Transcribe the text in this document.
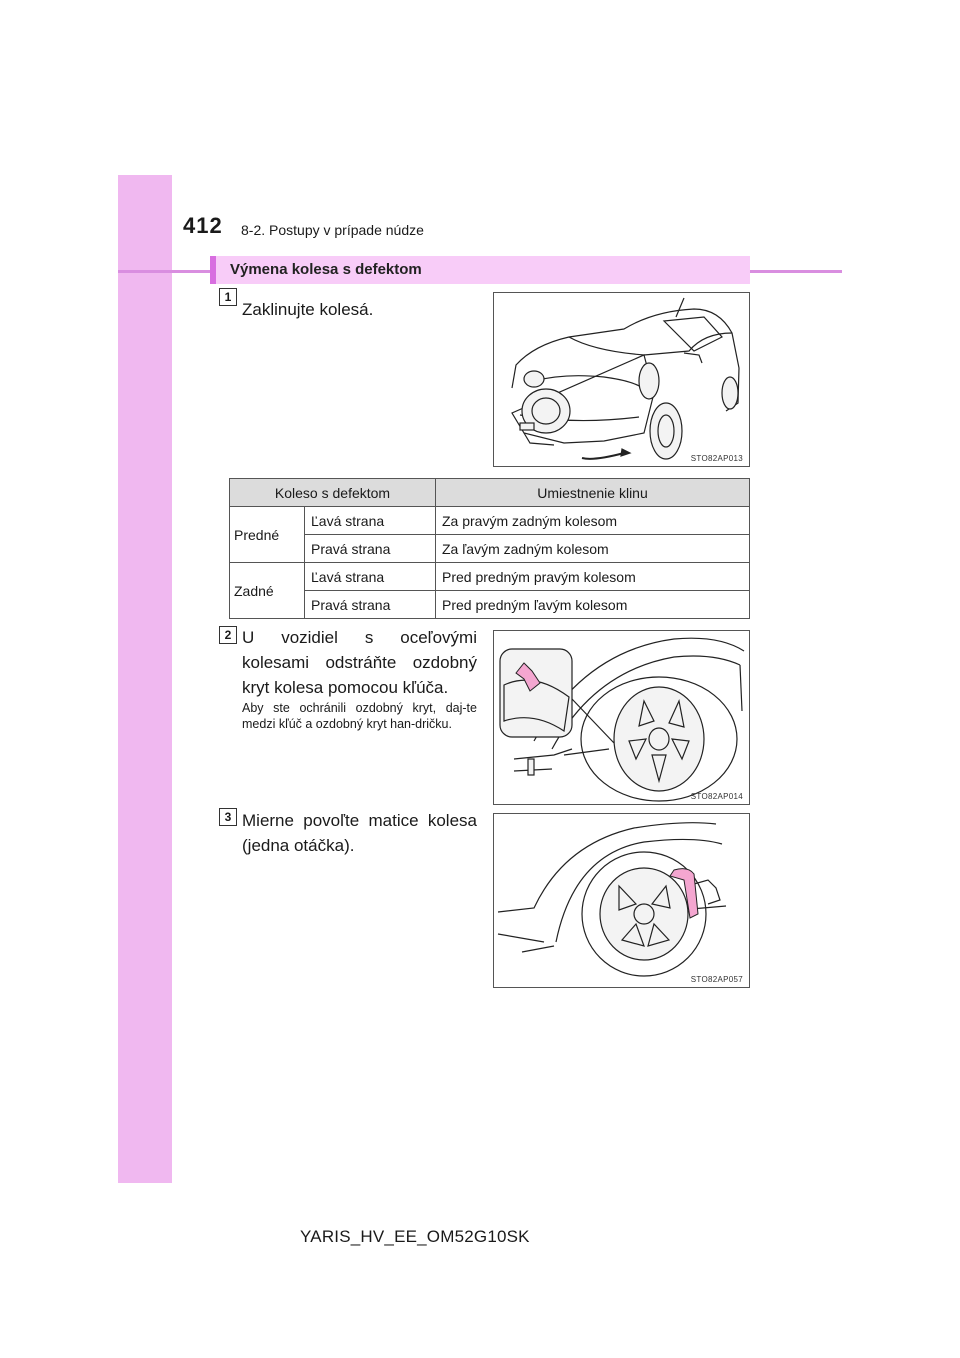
412 8-2. Postupy v prípade núdze
Výmena kolesa s defektom
1
Zaklinujte kolesá.
STO82AP013
Koleso s defektom		Umiestnenie klinu
Predné	Ľavá strana	Za pravým zadným kolesom
	Pravá strana	Za ľavým zadným kolesom
Zadné	Ľavá strana	Pred predným pravým kolesom
	Pravá strana	Pred predným ľavým kolesom
2 U vozidiel s oceľovými kolesami odstráňte ozdobný kryt kolesa pomocou kľúča.
Aby ste ochránili ozdobný kryt, daj-te medzi kľúč a ozdobný kryt han-dričku.
STO82AP014
3 Mierne povoľte matice kolesa (jedna otáčka).
STO82AP057
YARIS_HV_EE_OM52G10SK
